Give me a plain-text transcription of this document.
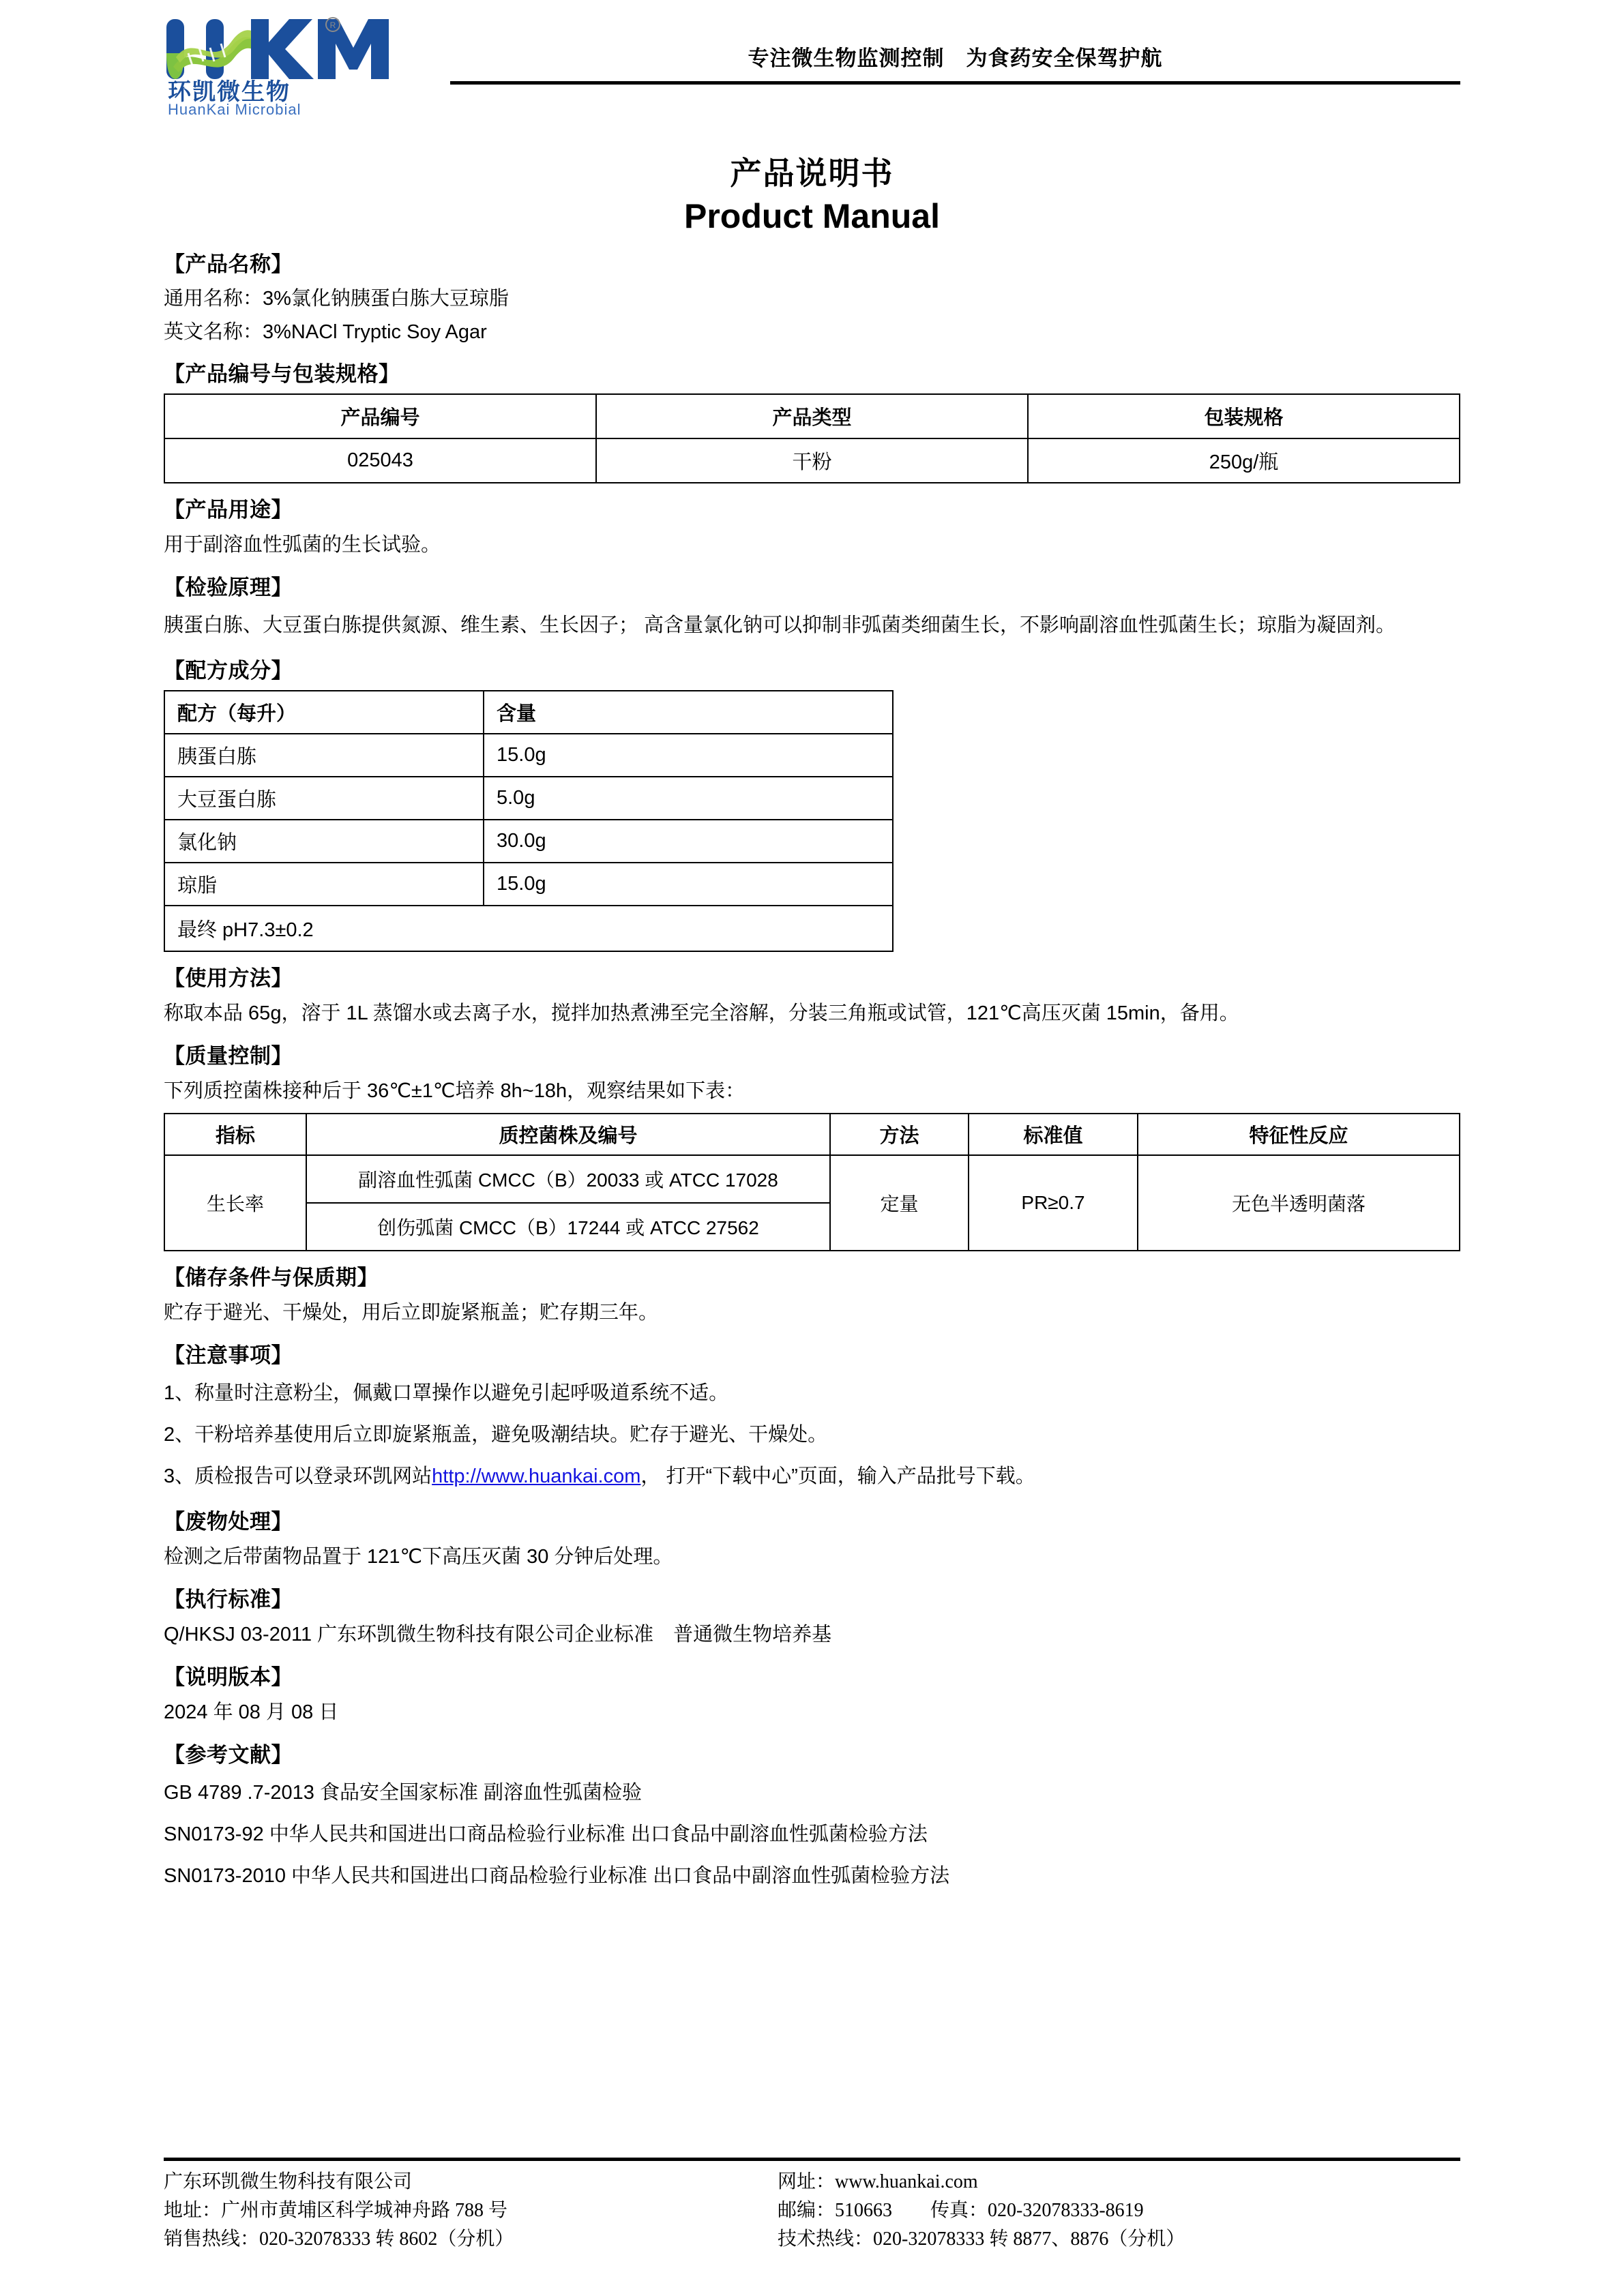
R
环凯微生物
HuanKai Microbial
专注微生物监测控制　为食药安全保驾护航
产品说明书
Product Manual
【产品名称】
通用名称：3%氯化钠胰蛋白胨大豆琼脂
英文名称：3%NACl Tryptic Soy Agar
【产品编号与包装规格】
产品编号	产品类型	包装规格
025043	干粉	250g/瓶
【产品用途】
用于副溶血性弧菌的生长试验。
【检验原理】
胰蛋白胨、大豆蛋白胨提供氮源、维生素、生长因子； 高含量氯化钠可以抑制非弧菌类细菌生长，不影响副溶血性弧菌生长；琼脂为凝固剂。
【配方成分】
配方（每升）	含量
胰蛋白胨	15.0g
大豆蛋白胨	5.0g
氯化钠	30.0g
琼脂	15.0g
最终 pH7.3±0.2	
【使用方法】
称取本品 65g，溶于 1L 蒸馏水或去离子水，搅拌加热煮沸至完全溶解，分装三角瓶或试管，121℃高压灭菌 15min，备用。
【质量控制】
下列质控菌株接种后于 36℃±1℃培养 8h~18h，观察结果如下表：
指标	质控菌株及编号	方法	标准值	特征性反应
生长率	副溶血性弧菌 CMCC（B）20033 或 ATCC 17028	定量	PR≥0.7	无色半透明菌落
	创伤弧菌 CMCC（B）17244 或 ATCC 27562			
【储存条件与保质期】
贮存于避光、干燥处，用后立即旋紧瓶盖；贮存期三年。
【注意事项】
1、称量时注意粉尘，佩戴口罩操作以避免引起呼吸道系统不适。
2、干粉培养基使用后立即旋紧瓶盖，避免吸潮结块。贮存于避光、干燥处。
3、质检报告可以登录环凯网站http://www.huankai.com， 打开“下载中心”页面，输入产品批号下载。
【废物处理】
检测之后带菌物品置于 121℃下高压灭菌 30 分钟后处理。
【执行标准】
Q/HKSJ 03-2011 广东环凯微生物科技有限公司企业标准　普通微生物培养基
【说明版本】
2024 年 08 月 08 日
【参考文献】
GB 4789 .7-2013 食品安全国家标准 副溶血性弧菌检验
SN0173-92 中华人民共和国进出口商品检验行业标准 出口食品中副溶血性弧菌检验方法
SN0173-2010 中华人民共和国进出口商品检验行业标准 出口食品中副溶血性弧菌检验方法
广东环凯微生物科技有限公司
地址：广州市黄埔区科学城神舟路 788 号
销售热线：020-32078333 转 8602（分机）
网址：www.huankai.com
邮编：510663　　传真：020-32078333-8619
技术热线：020-32078333 转 8877、8876（分机）
